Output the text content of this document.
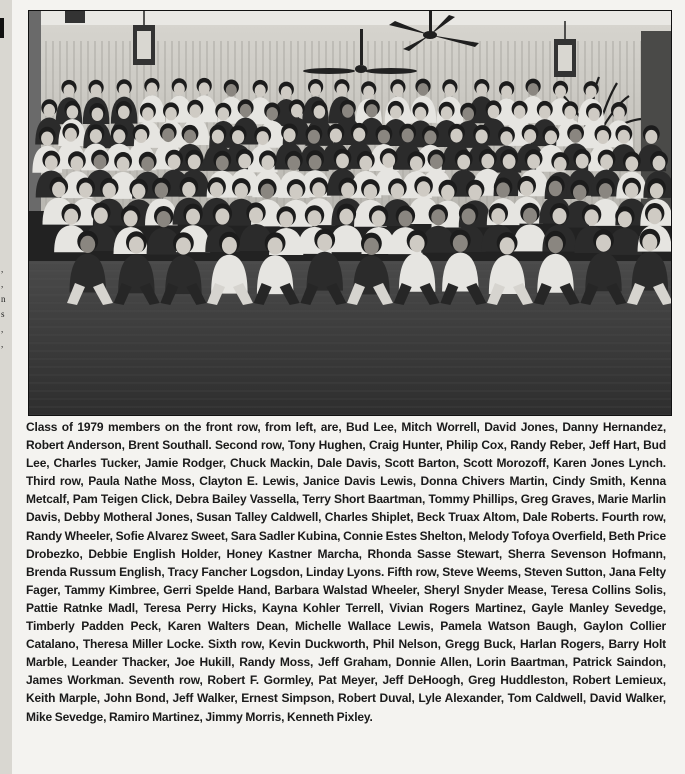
,
,
n
s
,
,
Class of 1979 members on the front row, from left, are, Bud Lee, Mitch Worrell, David Jones, Danny Hernandez, Robert Anderson, Brent Southall. Second row, Tony Hughen, Craig Hunter, Philip Cox, Randy Reber, Jeff Hart, Bud Lee, Charles Tucker, Jamie Rodger, Chuck Mackin, Dale Davis, Scott Barton, Scott Morozoff, Karen Jones Lynch. Third row, Paula Nathe Moss, Clayton E. Lewis, Janice Davis Lewis, Donna Chivers Martin, Cindy Smith, Kenna Metcalf, Pam Teigen Click, Debra Bailey Vassella, Terry Short Baartman, Tommy Phillips, Greg Graves, Marie Marlin Davis, Debby Motheral Jones, Susan Talley Caldwell, Charles Shiplet, Beck Truax Altom, Dale Roberts. Fourth row, Randy Wheeler, Sofie Alvarez Sweet, Sara Sadler Kubina, Connie Estes Shelton, Melody Tofoya Overfield, Beth Price Drobezko, Debbie English Holder, Honey Kastner Marcha, Rhonda Sasse Stewart, Sherra Sevenson Hofmann, Brenda Russum English, Tracy Fancher Logsdon, Linday Lyons. Fifth row, Steve Weems, Steven Sutton, Jana Felty Fager, Tammy Kimbree, Gerri Spelde Hand, Barbara Walstad Wheeler, Sheryl Snyder Mease, Teresa Collins Solis, Pattie Ratnke Madl, Teresa Perry Hicks, Kayna Kohler Terrell, Vivian Rogers Martinez, Gayle Manley Sevedge, Timberly Padden Peck, Karen Walters Dean, Michelle Wallace Lewis, Pamela Watson Baugh, Gaylon Collier Catalano, Theresa Miller Locke. Sixth row, Kevin Duckworth, Phil Nelson, Gregg Buck, Harlan Rogers, Barry Holt Marble, Leander Thacker, Joe Hukill, Randy Moss, Jeff Graham, Donnie Allen, Lorin Baartman, Patrick Saindon, James Workman. Seventh row, Robert F. Gormley, Pat Meyer, Jeff DeHoogh, Greg Huddleston, Robert Lemieux, Keith Marple, John Bond, Jeff Walker, Ernest Simpson, Robert Duval, Lyle Alexander, Tom Caldwell, David Walker, Mike Sevedge, Ramiro Martinez, Jimmy Morris, Kenneth Pixley.
